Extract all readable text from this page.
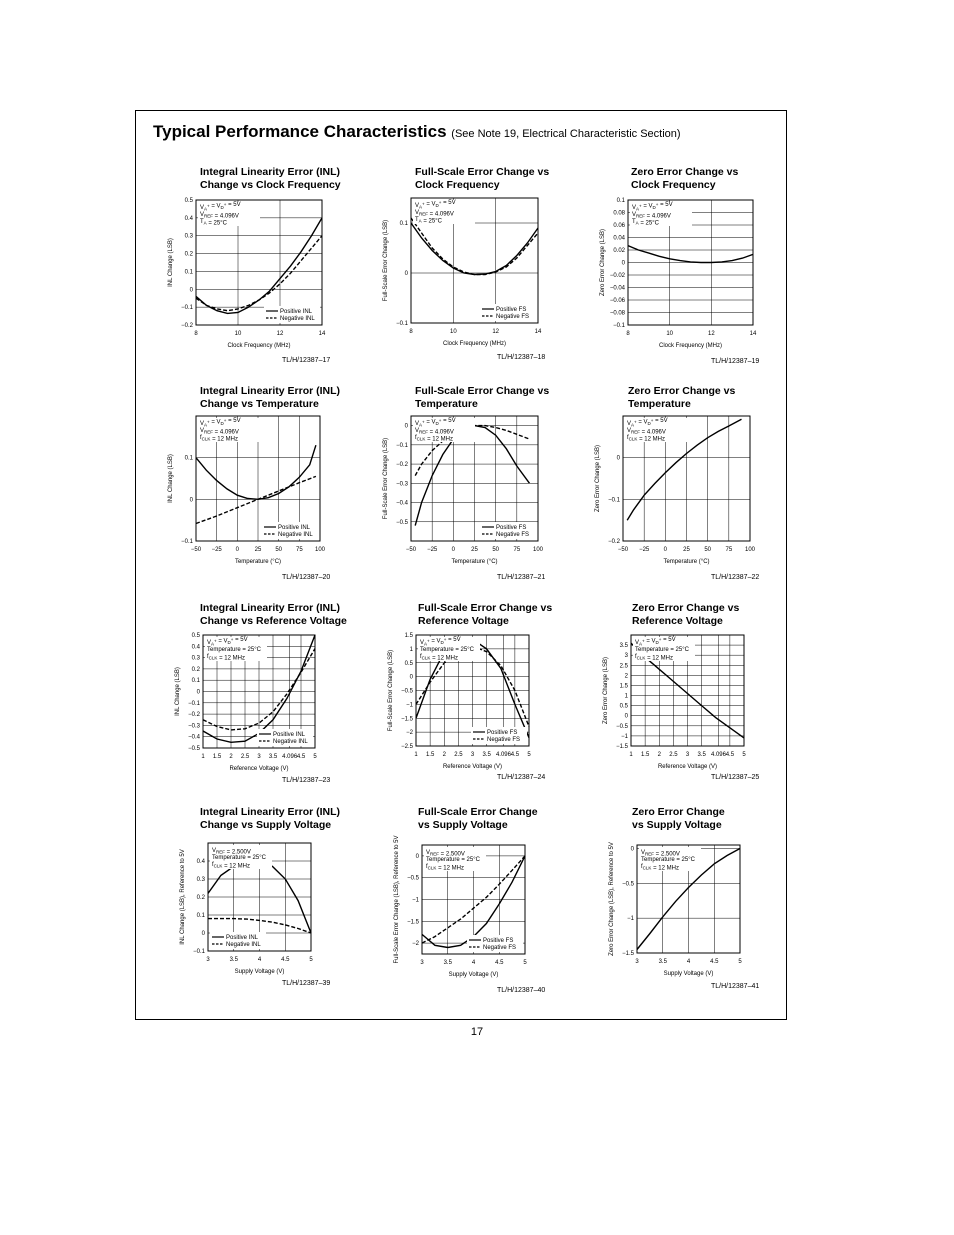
Typical Performance Characteristics (See Note 19, Electrical Characteristic Section)
Integral Linearity Error (INL)
Change vs Clock Frequency
TL/H/12387–17
8	10	12	14
−0.2
−0.1
0
0.1
0.2
0.3
0.4
0.5
Clock Frequency (MHz)
INL Change (LSB)
$V_A^+ = V_D^+ = 5V$
$V_{REF} = 4.096V$
$T_A = 25^\circ C$
Positive INL
Negative INL
Full-Scale Error Change vs
Clock Frequency
TL/H/12387–18
8	10	12	14
−0.1
0
0.1
Clock Frequency (MHz)
Full-Scale Error Change (LSB)
$V_A^+ = V_D^+ = 5V$
$V_{REF} = 4.096V$
$T_A = 25^\circ C$
Positive FS
Negative FS
Zero Error Change vs
Clock Frequency
TL/H/12387–19
8	10	12	14
−0.1
−0.08
−0.06
−0.04
−0.02
0
0.02
0.04
0.06
0.08
0.1
Clock Frequency (MHz)
Zero Error Change (LSB)
$V_A^+ = V_D^+ = 5V$
$V_{REF} = 4.096V$
$T_A = 25^\circ C$
Integral Linearity Error (INL)
Change vs Temperature
TL/H/12387–20
−50 −25 0	25 50 75 100
−0.1
0
0.1
Temperature (°C)
INL Change (LSB)
$V_A^+ = V_D^+ = 5V$
$V_{REF} = 4.096V$
$f_{CLK} = 12$ MHz
Positive INL
Negative INL
Full-Scale Error Change vs
Temperature
TL/H/12387–21
−50 −25 0	25 50 75 100
−0.5
−0.4
−0.3
−0.2
−0.1
0
Temperature (°C)
Full-Scale Error Change (LSB)
$V_A^+ = V_D^+ = 5V$
$V_{REF} = 4.096V$
$f_{CLK} = 12$ MHz
Positive FS
Negative FS
Zero Error Change vs
Temperature
TL/H/12387–22
−50 −25 0	25 50 75 100
−0.2
−0.1
0
Temperature (°C)
Zero Error Change (LSB)
$V_A^+ = V_D^+ = 5V$
$V_{REF} = 4.096V$
$f_{CLK} = 12$ MHz
Integral Linearity Error (INL)
Change vs Reference Voltage
TL/H/12387–23
1 1.5 2 2.5 3 3.5 4.096 4.5 5
−0.5
−0.4
−0.3
−0.2
−0.1
0
0.1
0.2
0.3
0.4
0.5
Reference Voltage (V)
INL Change (LSB)
$V_A^+ = V_D^+ = 5V$
Temperature = 25°C
$f_{CLK} = 12$ MHz
Positive INL
Negative INL
Full-Scale Error Change vs
Reference Voltage
TL/H/12387–24
1 1.5 2 2.5 3 3.5 4.096 4.5 5
−2.5
−2
−1.5
−1
−0.5
0
0.5
1
1.5
Reference Voltage (V)
Full-Scale Error Change (LSB)
$V_A^+ = V_D^+ = 5V$
Temperature = 25°C
$f_{CLK} = 12$ MHz
Positive FS
Negative FS
Zero Error Change vs
Reference Voltage
TL/H/12387–25
1 1.5 2 2.5 3 3.5 4.096 4.5 5
−1.5
−1
−0.5
0
0.5
1
1.5
2
2.5
3
3.5
Reference Voltage (V)
Zero Error Change (LSB)
$V_A^+ = V_D^+ = 5V$
Temperature = 25°C
$f_{CLK} = 12$ MHz
Integral Linearity Error (INL)
Change vs Supply Voltage
TL/H/12387–39
3	3.5	4	4.5	5
−0.1
0
0.1
0.2
0.3
0.4
Supply Voltage (V)
INL Change (LSB), Reference to 5V	$V_{REF} = 2.500V$
Temperature = 25°C
$f_{CLK} = 12$ MHz
Positive INL
Negative INL
Full-Scale Error Change
vs Supply Voltage
TL/H/12387–40
3	3.5	4	4.5	5
−2
−1.5
−1
−0.5
0
Supply Voltage (V)
Full-Scale Error Change (LSB), Reference to 5V	$V_{REF} = 2.500V$
Temperature = 25°C
$f_{CLK} = 12$ MHz
Positive FS
Negative FS
Zero Error Change
vs Supply Voltage
TL/H/12387–41
3	3.5	4	4.5	5
−1.5
−1
−0.5
0
Supply Voltage (V)
Zero Error Change (LSB), Reference to 5V	$V_{REF} = 2.500V$
Temperature = 25°C
$f_{CLK} = 12$ MHz
17
